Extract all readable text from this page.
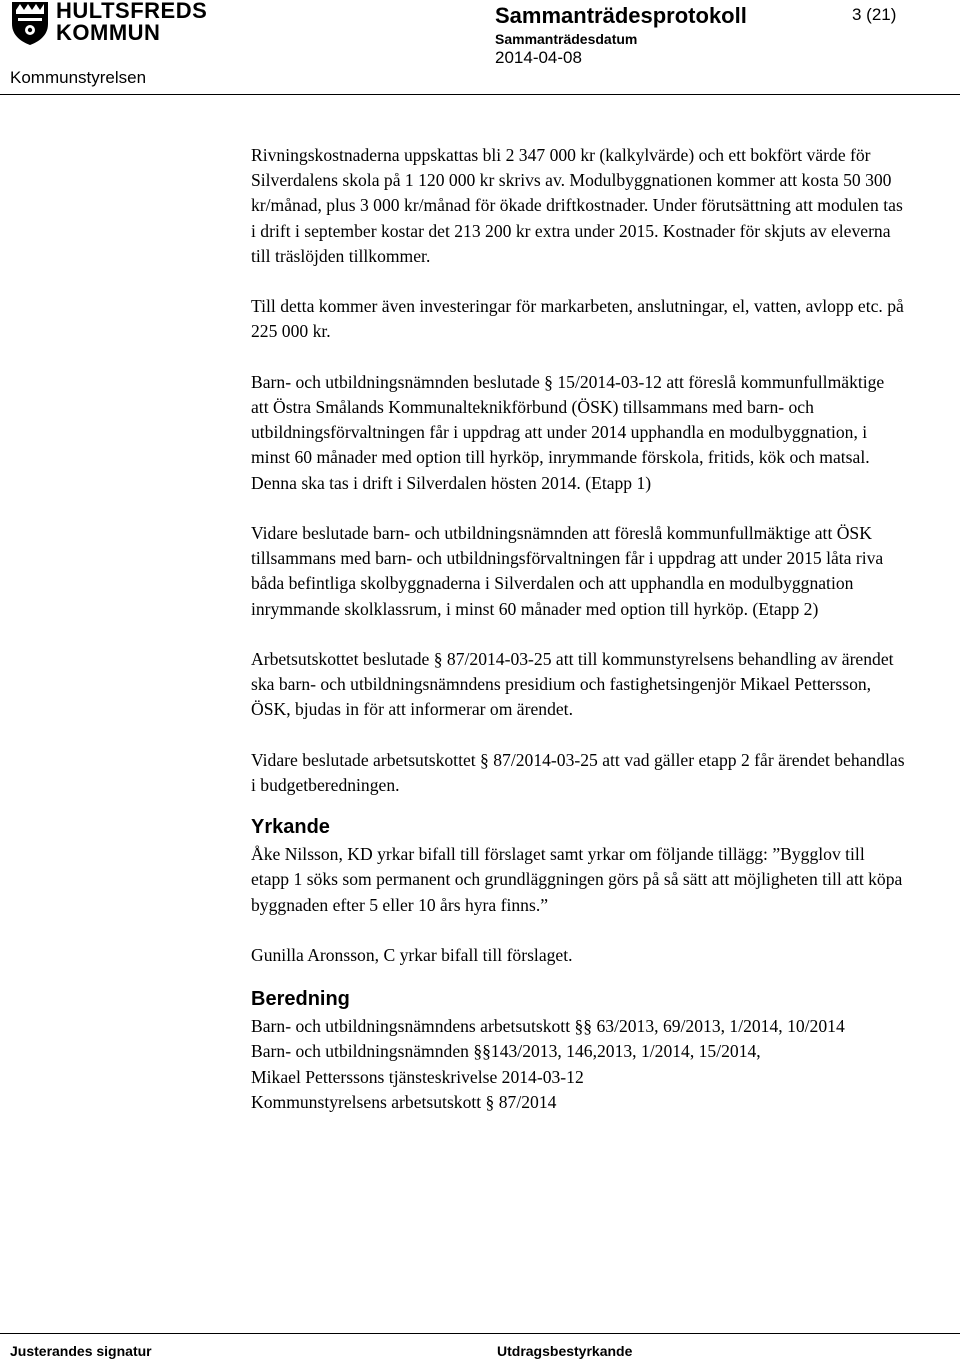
HULTSFREDS
KOMMUN
Kommunstyrelsen
Sammanträdesprotokoll
Sammanträdesdatum
2014-04-08
3 (21)

Rivningskostnaderna uppskattas bli 2 347 000 kr (kalkylvärde) och ett bokfört värde för Silverdalens skola på 1 120 000 kr skrivs av. Modulbyggnationen kommer att kosta 50 300 kr/månad, plus 3 000 kr/månad för ökade driftkostnader. Under förutsättning att modulen tas i drift i september kostar det 213 200 kr extra under 2015. Kostnader för skjuts av eleverna till träslöjden tillkommer.

Till detta kommer även investeringar för markarbeten, anslutningar, el, vatten, avlopp etc. på 225 000 kr.

Barn- och utbildningsnämnden beslutade § 15/2014-03-12 att föreslå kommunfullmäktige att Östra Smålands Kommunalteknikförbund (ÖSK) tillsammans med barn- och utbildningsförvaltningen får i uppdrag att under 2014 upphandla en modulbyggnation, i minst 60 månader med option till hyrköp, inrymmande förskola, fritids, kök och matsal. Denna ska tas i drift i Silverdalen hösten 2014. (Etapp 1)

Vidare beslutade barn- och utbildningsnämnden att föreslå kommunfullmäktige att ÖSK tillsammans med barn- och utbildningsförvaltningen får i uppdrag att under 2015 låta riva båda befintliga skolbyggnaderna i Silverdalen och att upphandla en modulbyggnation inrymmande skolklassrum, i minst 60 månader med option till hyrköp. (Etapp 2)

Arbetsutskottet beslutade § 87/2014-03-25 att till kommunstyrelsens behandling av ärendet ska barn- och utbildningsnämndens presidium och fastighetsingenjör Mikael Pettersson, ÖSK, bjudas in för att informerar om ärendet.

Vidare beslutade arbetsutskottet § 87/2014-03-25 att vad gäller etapp 2 får ärendet behandlas i budgetberedningen.

Yrkande

Åke Nilsson, KD yrkar bifall till förslaget samt yrkar om följande tillägg: ”Bygglov till etapp 1 söks som permanent och grundläggningen görs på så sätt att möjligheten till att köpa byggnaden efter 5 eller 10 års hyra finns.”

Gunilla Aronsson, C yrkar bifall till förslaget.

Beredning

Barn- och utbildningsnämndens arbetsutskott §§ 63/2013, 69/2013, 1/2014, 10/2014

Barn- och utbildningsnämnden §§143/2013, 146,2013, 1/2014, 15/2014,

Mikael Petterssons tjänsteskrivelse 2014-03-12

Kommunstyrelsens arbetsutskott § 87/2014

Justerandes signatur	Utdragsbestyrkande
